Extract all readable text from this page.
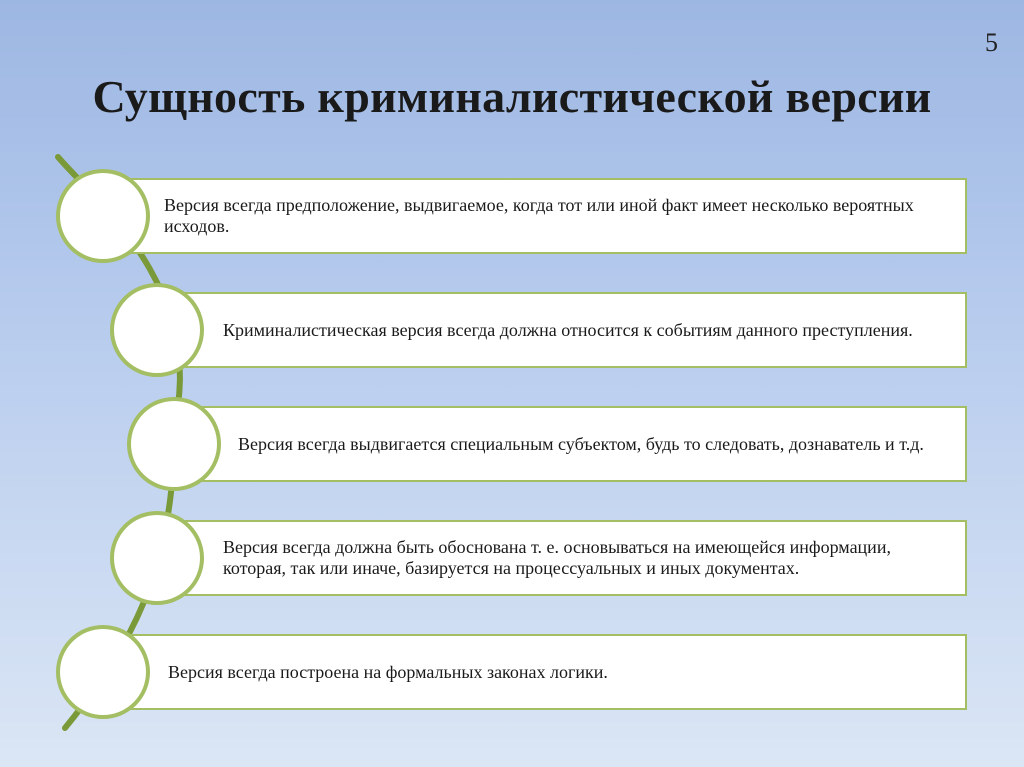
5
Сущность криминалистической версии
Версия всегда предположение, выдвигаемое, когда тот или иной факт имеет несколько вероятных исходов.
Криминалистическая версия всегда должна относится к событиям данного преступления.
Версия всегда выдвигается специальным субъектом, будь то следовать, дознаватель и т.д.
Версия всегда должна быть обоснована т. е. основываться на имеющейся информации, которая, так или иначе, базируется на процессуальных и иных документах.
Версия всегда построена на формальных законах логики.
